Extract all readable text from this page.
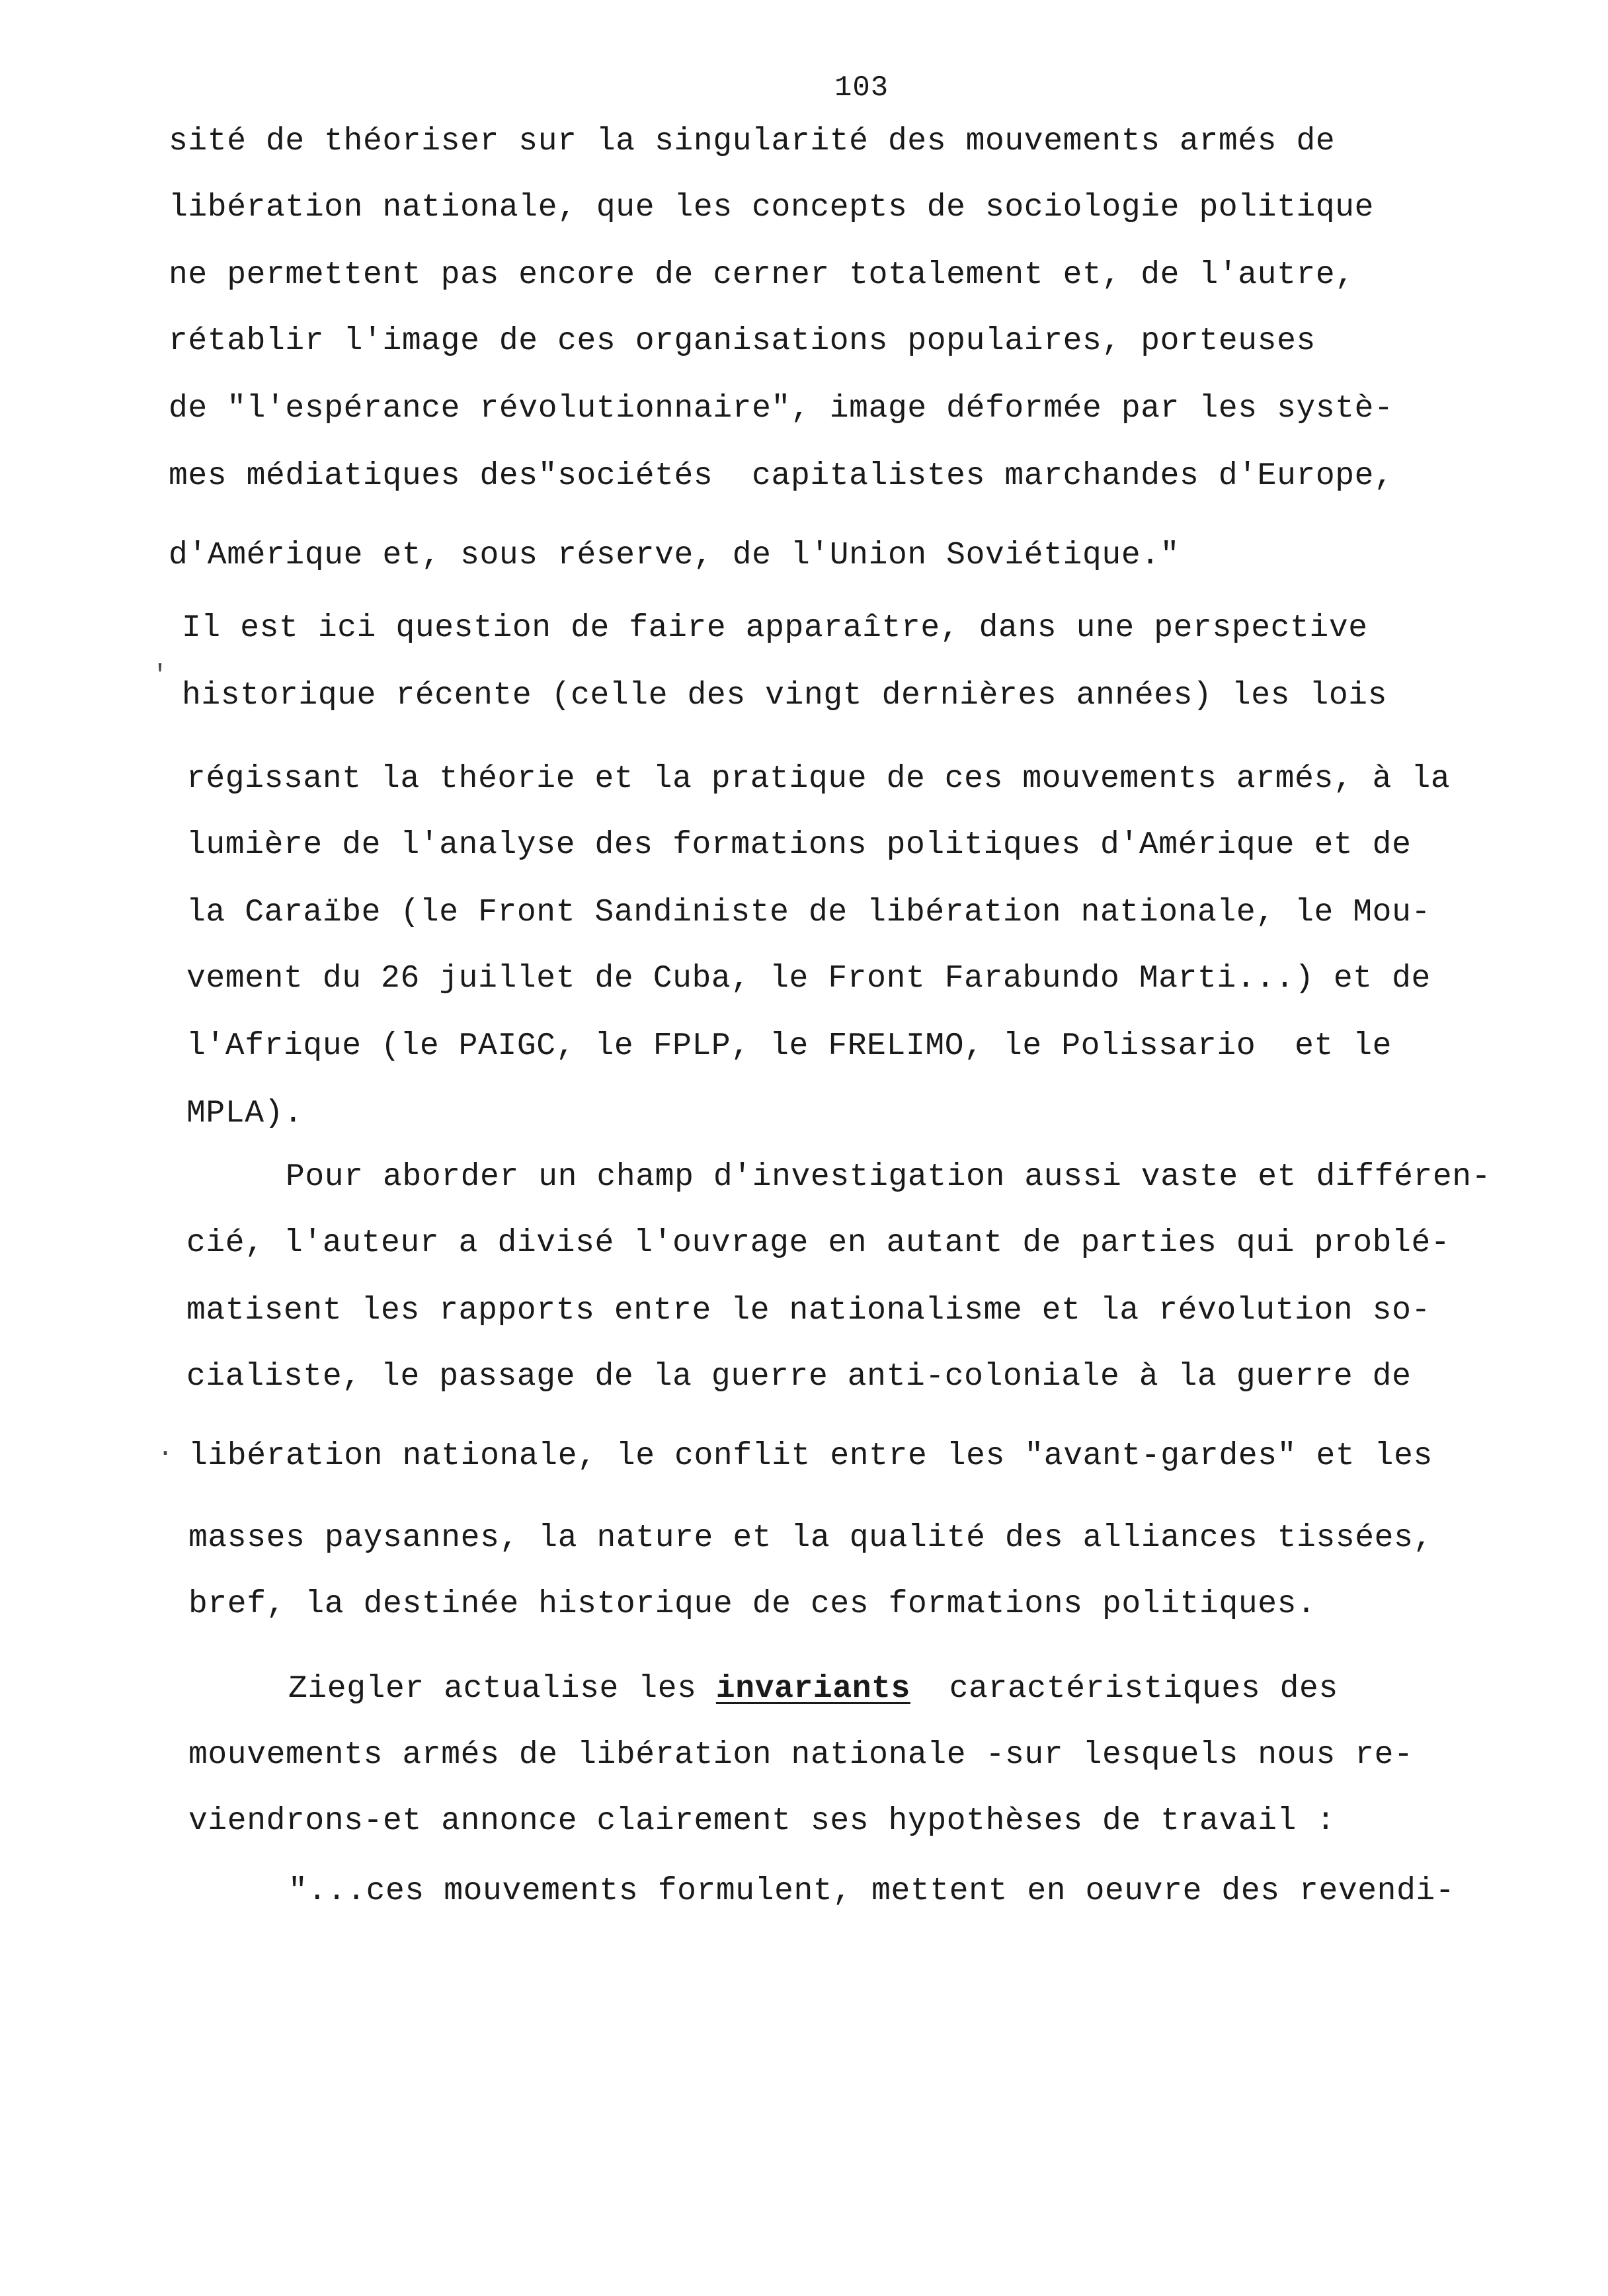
103
sité de théoriser sur la singularité des mouvements armés de
libération nationale, que les concepts de sociologie politique
ne permettent pas encore de cerner totalement et, de l'autre,
rétablir l'image de ces organisations populaires, porteuses
de "l'espérance révolutionnaire", image déformée par les systè-
mes médiatiques des"sociétés  capitalistes marchandes d'Europe,
d'Amérique et, sous réserve, de l'Union Soviétique."
Il est ici question de faire apparaître, dans une perspective
historique récente (celle des vingt dernières années) les lois
régissant la théorie et la pratique de ces mouvements armés, à la
lumière de l'analyse des formations politiques d'Amérique et de
la Caraïbe (le Front Sandiniste de libération nationale, le Mou-
vement du 26 juillet de Cuba, le Front Farabundo Marti...) et de
l'Afrique (le PAIGC, le FPLP, le FRELIMO, le Polissario  et le
MPLA).
Pour aborder un champ d'investigation aussi vaste et différen-
cié, l'auteur a divisé l'ouvrage en autant de parties qui problé-
matisent les rapports entre le nationalisme et la révolution so-
cialiste, le passage de la guerre anti-coloniale à la guerre de
libération nationale, le conflit entre les "avant-gardes" et les
masses paysannes, la nature et la qualité des alliances tissées,
bref, la destinée historique de ces formations politiques.
Ziegler actualise les invariants  caractéristiques des
mouvements armés de libération nationale -sur lesquels nous re-
viendrons-et annonce clairement ses hypothèses de travail :
"...ces mouvements formulent, mettent en oeuvre des revendi-
'
.
